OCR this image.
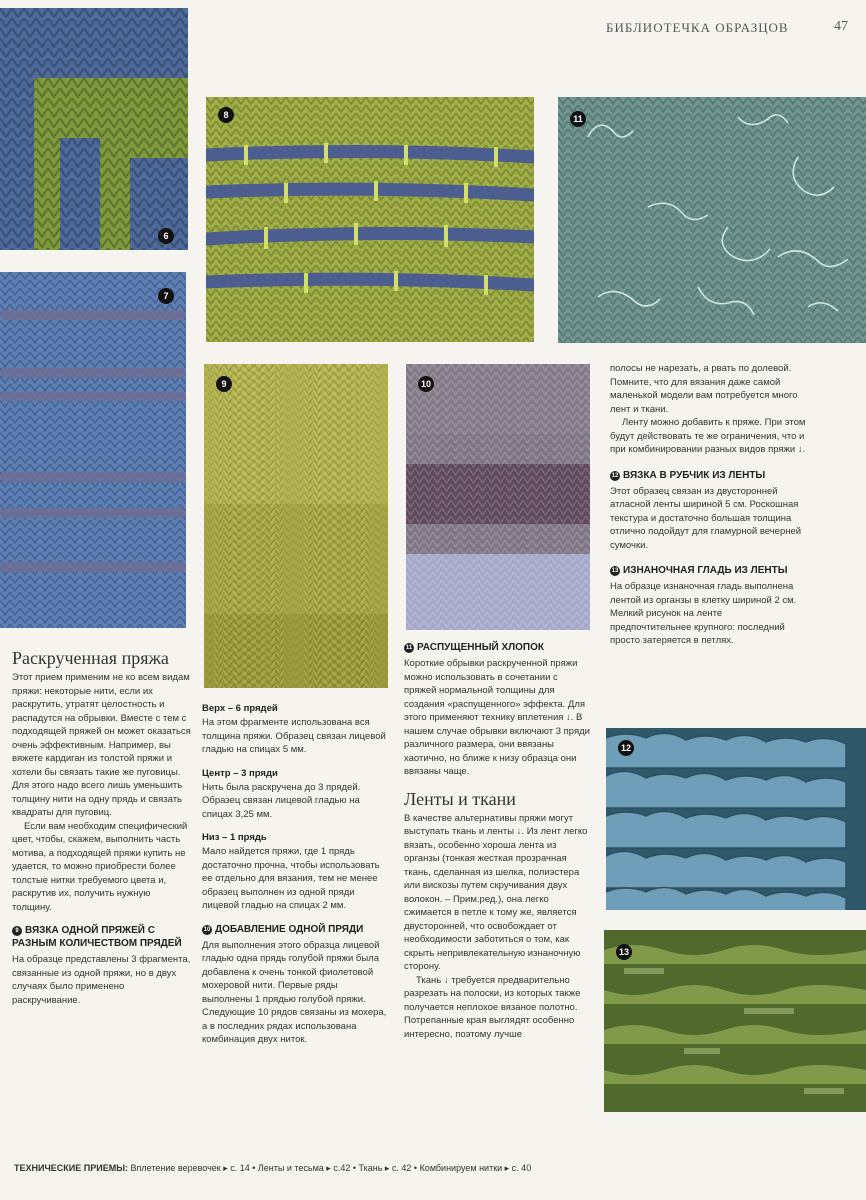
БИБЛИОТЕЧКА ОБРАЗЦОВ	47
6
7
8	11
9	10
12
13
Раскрученная пряжа

Этот прием применим не ко всем видам пряжи: некоторые нити, если их раскрутить, утратят целостность и распадутся на обрывки. Вместе с тем с подходящей пряжей он может оказаться очень эффективным. Например, вы вяжете кардиган из толстой пряжи и хотели бы связать такие же пуговицы. Для этого надо всего лишь уменьшить толщину нити на одну прядь и связать квадраты для пуговиц.

Если вам необходим специфический цвет, чтобы, скажем, выполнить часть мотива, а подходящей пряжи купить не удается, то можно приобрести более толстые нитки требуемого цвета и, раскрутив их, получить нужную толщину.

9 ВЯЗКА ОДНОЙ ПРЯЖЕЙ С РАЗНЫМ КОЛИЧЕСТВОМ ПРЯДЕЙ

На образце представлены 3 фрагмента, связанные из одной пряжи, но в двух случаях было применено раскручивание.

Верх – 6 прядей

На этом фрагменте использована вся толщина пряжи. Образец связан лицевой гладью на спицах 5 мм.

Центр – 3 пряди

Нить была раскручена до 3 прядей. Образец связан лицевой гладью на спицах 3,25 мм.

Низ – 1 прядь

Мало найдется пряжи, где 1 прядь достаточно прочна, чтобы использовать ее отдельно для вязания, тем не менее образец выполнен из одной пряди лицевой гладью на спицах 2 мм.

10 ДОБАВЛЕНИЕ ОДНОЙ ПРЯДИ

Для выполнения этого образца лицевой гладью одна прядь голубой пряжи была добавлена к очень тонкой фиолетовой мохеровой нити. Первые ряды выполнены 1 прядью голубой пряжи. Следующие 10 рядов связаны из мохера, а в последних рядах использована комбинация двух ниток.

11 РАСПУЩЕННЫЙ ХЛОПОК

Короткие обрывки раскрученной пряжи можно использовать в сочетании с пряжей нормальной толщины для создания «распущенного» эффекта. Для этого применяют технику вплетения ↓. В нашем случае обрывки включают 3 пряди различного размера, они ввязаны хаотично, но ближе к низу образца они ввязаны чаще.

Ленты и ткани

В качестве альтернативы пряжи могут выступать ткань и ленты ↓. Из лент легко вязать, особенно хороша лента из органзы (тонкая жесткая прозрачная ткань, сделанная из шелка, полиэстера или вискозы путем скручивания двух волокон. – Прим.ред.), она легко сжимается в петле к тому же, является двусторонней, что освобождает от необходимости заботиться о том, как скрыть непривлекательную изнаночную сторону.

Ткань ↓ требуется предварительно разрезать на полоски, из которых также получается неплохое вязаное полотно. Потрепанные края выглядят особенно интересно, поэтому лучше

полосы не нарезать, а рвать по долевой. Помните, что для вязания даже самой маленькой модели вам потребуется много лент и ткани.

Ленту можно добавить к пряже. При этом будут действовать те же ограничения, что и при комбинировании разных видов пряжи ↓.

12 ВЯЗКА В РУБЧИК ИЗ ЛЕНТЫ

Этот образец связан из двусторонней атласной ленты шириной 5 см. Роскошная текстура и достаточно большая толщина отлично подойдут для гламурной вечерней сумочки.

13 ИЗНАНОЧНАЯ ГЛАДЬ ИЗ ЛЕНТЫ

На образце изнаночная гладь выполнена лентой из органзы в клетку шириной 2 см. Мелкий рисунок на ленте предпочтительнее крупного: последний просто затеряется в петлях.

ТЕХНИЧЕСКИЕ ПРИЕМЫ: Вплетение веревочек ▸ с. 14 • Ленты и тесьма ▸ с.42 • Ткань ▸ с. 42 • Комбинируем нитки ▸ с. 40
